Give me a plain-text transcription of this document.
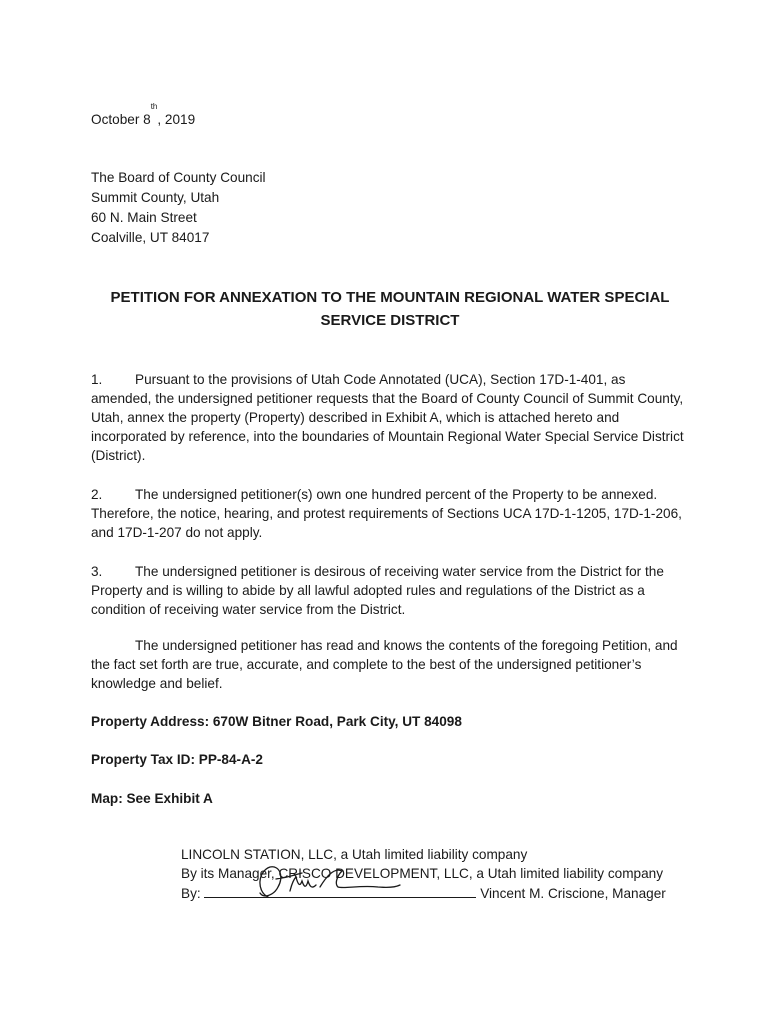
October 8th, 2019
The Board of County Council
Summit County, Utah
60 N. Main Street
Coalville, UT 84017
PETITION FOR ANNEXATION TO THE MOUNTAIN REGIONAL WATER SPECIAL
SERVICE DISTRICT
1. Pursuant to the provisions of Utah Code Annotated (UCA), Section 17D-1-401, as amended, the undersigned petitioner requests that the Board of County Council of Summit County, Utah, annex the property (Property) described in Exhibit A, which is attached hereto and incorporated by reference, into the boundaries of Mountain Regional Water Special Service District (District).
2. The undersigned petitioner(s) own one hundred percent of the Property to be annexed. Therefore, the notice, hearing, and protest requirements of Sections UCA 17D-1-1205, 17D-1-206, and 17D-1-207 do not apply.
3. The undersigned petitioner is desirous of receiving water service from the District for the Property and is willing to abide by all lawful adopted rules and regulations of the District as a condition of receiving water service from the District.
The undersigned petitioner has read and knows the contents of the foregoing Petition, and the fact set forth are true, accurate, and complete to the best of the undersigned petitioner’s knowledge and belief.
Property Address: 670W Bitner Road, Park City, UT 84098
Property Tax ID: PP-84-A-2
Map: See Exhibit A
LINCOLN STATION, LLC, a Utah limited liability company
By its Manager, CRISCO DEVELOPMENT, LLC, a Utah limited liability company
By:	Vincent M. Criscione, Manager
